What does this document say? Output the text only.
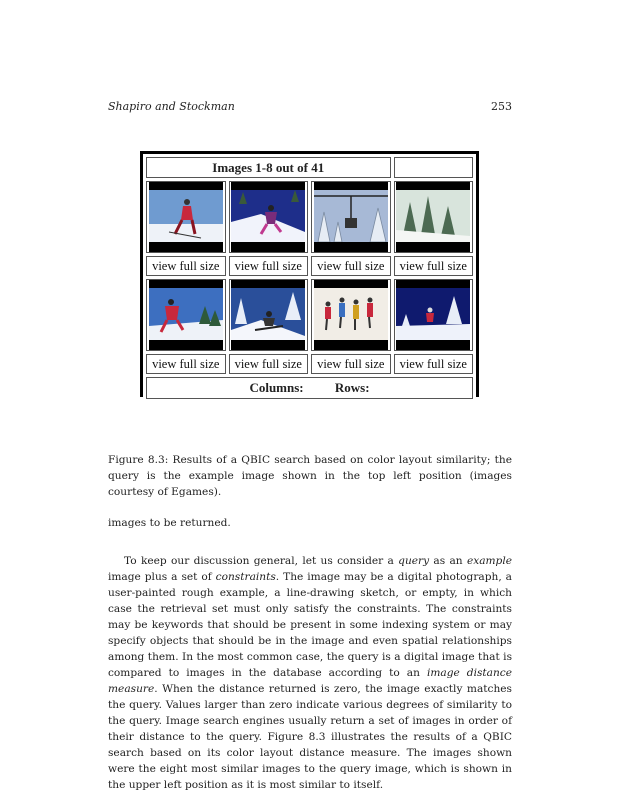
Shapiro and Stockman	253
Images 1-8 out of 41			

view full size	view full size	view full size	view full size

view full size	view full size	view full size	view full size
Columns: Rows:			
Figure 8.3: Results of a QBIC search based on color layout similarity; the query is the example image shown in the top left position (images courtesy of Egames).
images to be returned.
To keep our discussion general, let us consider a query as an example image plus a set of constraints. The image may be a digital photograph, a user-painted rough example, a line-drawing sketch, or empty, in which case the retrieval set must only satisfy the constraints. The constraints may be keywords that should be present in some indexing system or may specify objects that should be in the image and even spatial relationships among them. In the most common case, the query is a digital image that is compared to images in the database according to an image distance measure. When the distance returned is zero, the image exactly matches the query. Values larger than zero indicate various degrees of similarity to the query. Image search engines usually return a set of images in order of their distance to the query. Figure 8.3 illustrates the results of a QBIC search based on its color layout distance measure. The images shown were the eight most similar images to the query image, which is shown in the upper left position as it is most similar to itself.
